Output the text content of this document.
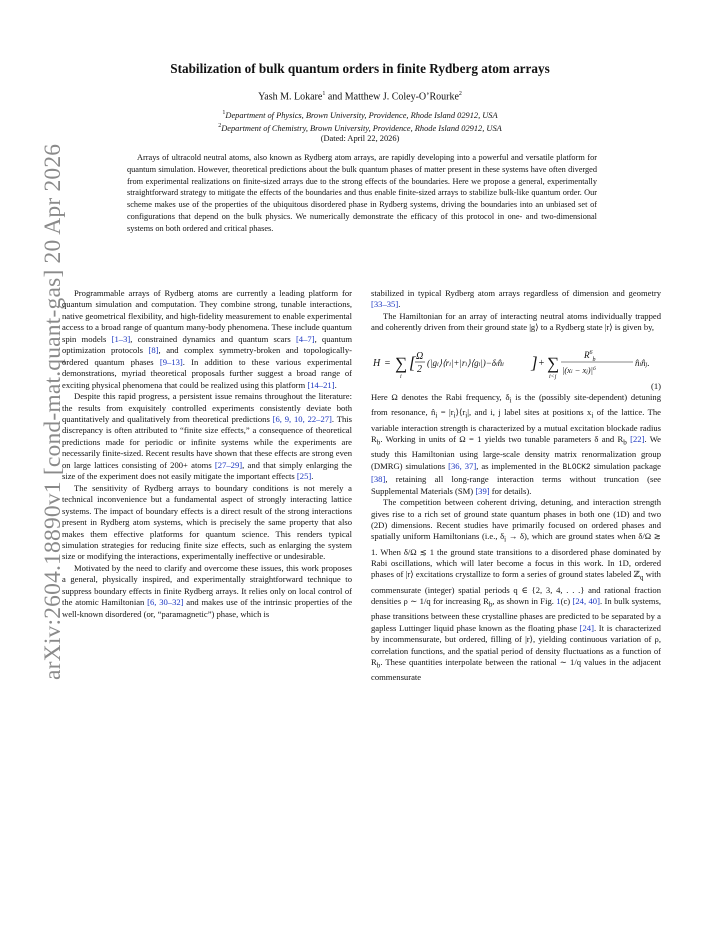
arXiv:2604.18890v1 [cond-mat.quant-gas] 20 Apr 2026
Stabilization of bulk quantum orders in finite Rydberg atom arrays
Yash M. Lokare$^1$ and Matthew J. Coley-O’Rourke$^2$
$^1$Department of Physics, Brown University, Providence, Rhode Island 02912, USA
$^2$Department of Chemistry, Brown University, Providence, Rhode Island 02912, USA
(Dated: April 22, 2026)
Arrays of ultracold neutral atoms, also known as Rydberg atom arrays, are rapidly developing into a powerful and versatile platform for quantum simulation. However, theoretical predictions about the bulk quantum phases of matter present in these systems have often diverged from experimental realizations on finite-sized arrays due to the strong effects of the boundaries. Here we propose a general, experimentally straightforward strategy to mitigate the effects of the boundaries and thus enable finite-sized arrays to stabilize bulk-like quantum order. Our scheme makes use of the properties of the ubiquitous disordered phase in Rydberg systems, driving the boundaries into an unbiased set of configurations that depend on the bulk physics. We numerically demonstrate the efficacy of this protocol in one- and two-dimensional systems on both ordered and critical phases.

Programmable arrays of Rydberg atoms are currently a leading platform for quantum simulation and computation. They combine strong, tunable interactions, native geometrical flexibility, and high-fidelity measurement to enable experimental access to a broad range of quantum many-body phenomena. These include quantum spin models [1–3], constrained dynamics and quantum scars [4–7], quantum optimization protocols [8], and complex symmetry-broken and topologically-ordered quantum phases [9–13]. In addition to these various experimental demonstrations, myriad theoretical proposals further suggest a broad range of exciting physical phenomena that could be realized using this platform [14–21].

Despite this rapid progress, a persistent issue remains throughout the literature: the results from exquisitely controlled experiments consistently deviate both quantitatively and qualitatively from theoretical predictions [6, 9, 10, 22–27]. This discrepancy is often attributed to “finite size effects,” a consequence of theoretical predictions made for periodic or infinite systems while the experiments are necessarily finite-sized. Recent results have shown that these effects are strong even on large lattices consisting of 200+ atoms [27–29], and that simply enlarging the size of the experiment does not easily mitigate the important effects [25].

The sensitivity of Rydberg arrays to boundary conditions is not merely a technical inconvenience but a fundamental aspect of strongly interacting lattice systems. The impact of boundary effects is a direct result of the strong interactions present in Rydberg atom systems, which is precisely the same property that also makes them effective platforms for quantum science. This renders typical simulation strategies for reducing finite size effects, such as enlarging the system size or modifying the interactions, experimentally ineffective or undesirable.

Motivated by the need to clarify and overcome these issues, this work proposes a general, physically inspired, and experimentally straightforward technique to suppress boundary effects in finite Rydberg arrays. It relies only on local control of the atomic Hamiltonian [6, 30–32] and makes use of the intrinsic properties of the well-known disordered (or, “paramagnetic”) phase, which is

stabilized in typical Rydberg atom arrays regardless of dimension and geometry [33–35].

The Hamiltonian for an array of interacting neutral atoms individually trapped and coherently driven from their ground state |g⟩ to a Rydberg state |r⟩ is given by,

H = ∑
i
[ Ω
2
(|gi⟩⟨ri|+|ri⟩⟨gi|)−δin̂i ] + ∑
i<j
$R^6_b$
$|(xi - xj)|^6$
n̂in̂j.
(1)

Here Ω denotes the Rabi frequency, $\delta_i$ is the (possibly site-dependent) detuning from resonance, $n̂_i$ = $|r_i⟩⟨r_i|$, and i, j label sites at positions $x_i$ of the lattice. The variable interaction strength is characterized by a mutual excitation blockade radius $R_b$. Working in units of Ω = 1 yields two tunable parameters δ and $R_b$ [22]. We study this Hamiltonian using large-scale density matrix renormalization group (DMRG) simulations [36, 37], as implemented in the BLOCK2 simulation package [38], retaining all long-range interaction terms without truncation (see Supplemental Materials (SM) [39] for details).

The competition between coherent driving, detuning, and interaction strength gives rise to a rich set of ground state quantum phases in both one (1D) and two (2D) dimensions. Recent studies have primarily focused on ordered phases and spatially uniform Hamiltonians (i.e., $\delta_i \to \delta$), which are ground states when δ/Ω ≳ 1. When δ/Ω ≲ 1 the ground state transitions to a disordered phase dominated by Rabi oscillations, which will later become a focus in this work. In 1D, ordered phases of |r⟩ excitations crystallize to form a series of ground states labeled ℤ$_q$ with commensurate (integer) spatial periods q ∈ {2, 3, 4, . . .} and rational fraction densities ρ ∼ 1/q for increasing $R_b$, as shown in Fig. 1(c) [24, 40]. In bulk systems, phase transitions between these crystalline phases are predicted to be separated by a gapless Luttinger liquid phase known as the floating phase [24]. It is characterized by incommensurate, but ordered, filling of |r⟩, yielding continuous variation of ρ, correlation functions, and the spatial period of density fluctuations as a function of $R_b$. These quantities interpolate between the rational ∼ 1/q values in the adjacent commensurate
